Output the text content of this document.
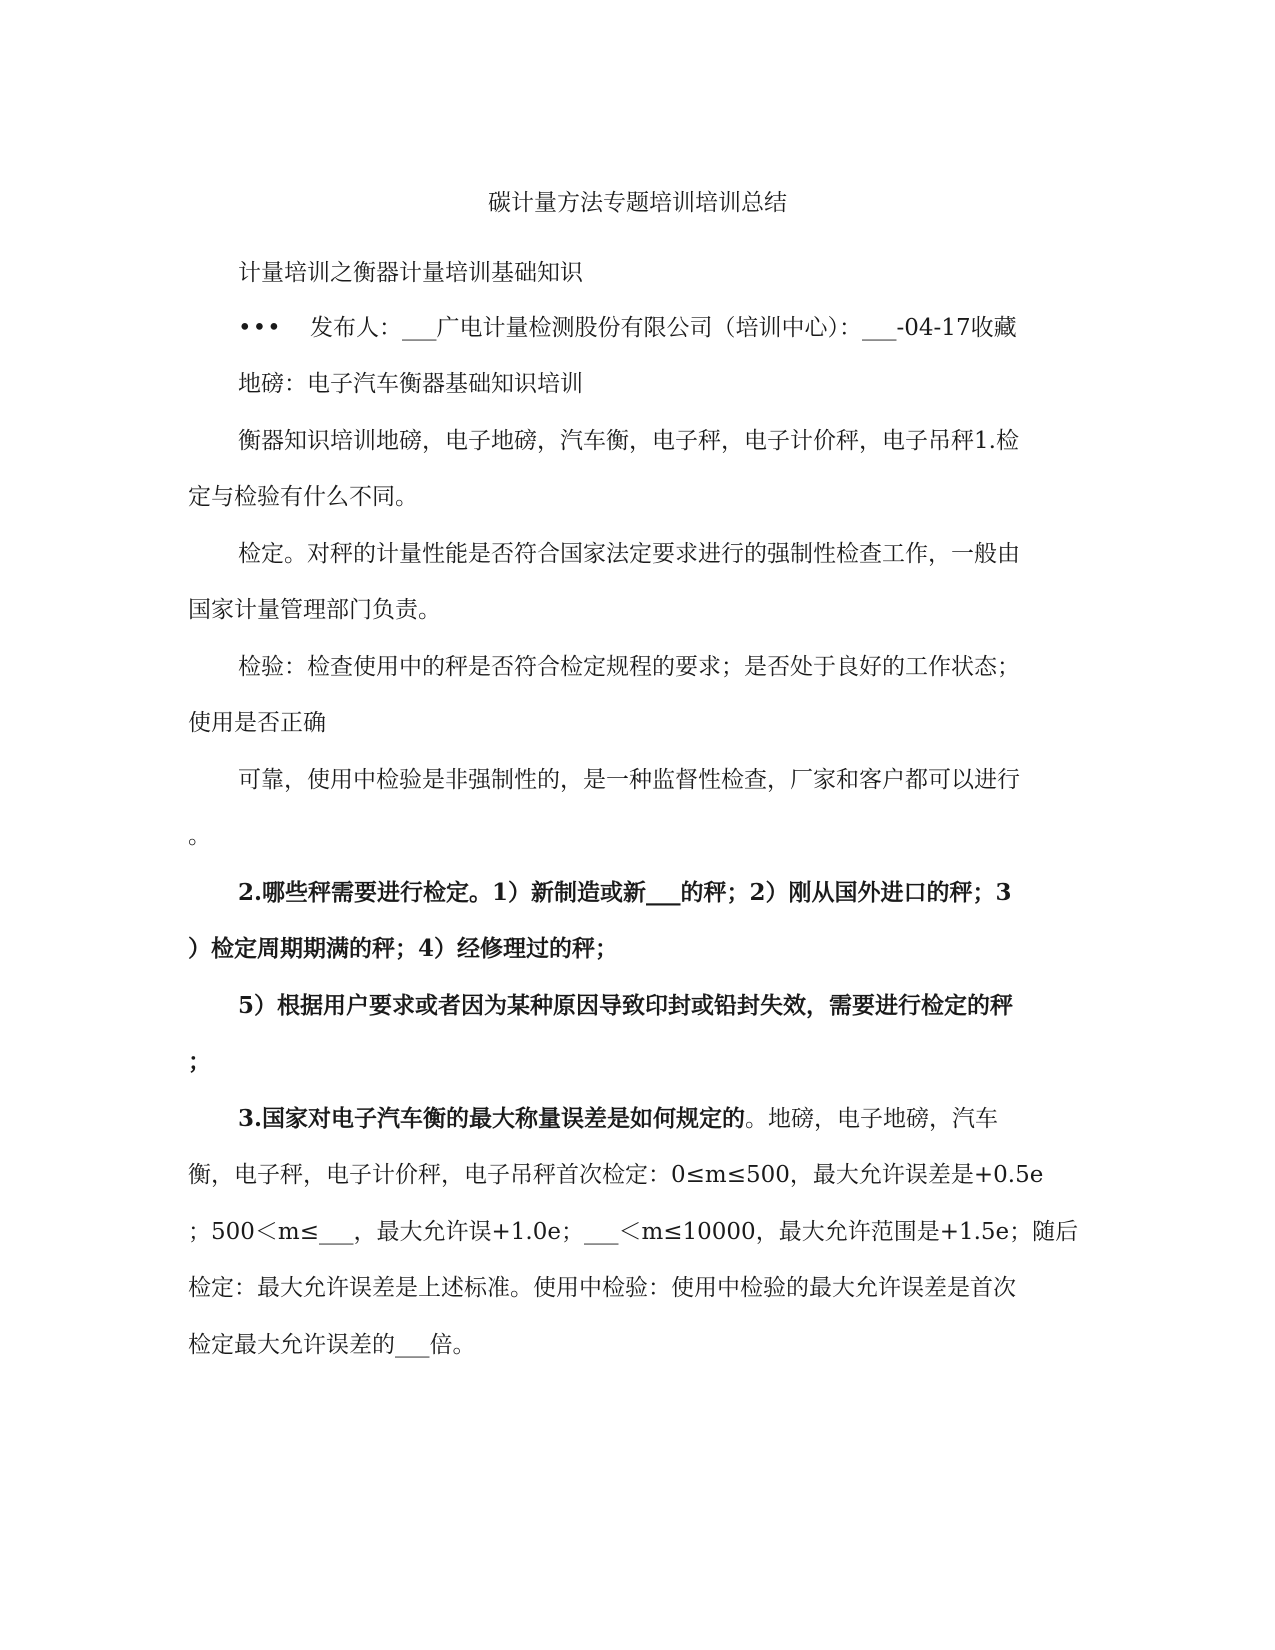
碳计量方法专题培训培训总结
计量培训之衡器计量培训基础知识
••• 发布人：___广电计量检测股份有限公司（培训中心）：___-04-17收藏
地磅：电子汽车衡器基础知识培训
衡器知识培训地磅，电子地磅，汽车衡，电子秤，电子计价秤，电子吊秤1.检
定与检验有什么不同。
检定。对秤的计量性能是否符合国家法定要求进行的强制性检查工作，一般由
国家计量管理部门负责。
检验：检查使用中的秤是否符合检定规程的要求；是否处于良好的工作状态；
使用是否正确
可靠，使用中检验是非强制性的，是一种监督性检查，厂家和客户都可以进行
。
2.哪些秤需要进行检定。1）新制造或新___的秤；2）刚从国外进口的秤；3
）检定周期期满的秤；4）经修理过的秤；
5）根据用户要求或者因为某种原因导致印封或铅封失效，需要进行检定的秤
；
3.国家对电子汽车衡的最大称量误差是如何规定的。地磅，电子地磅，汽车
衡，电子秤，电子计价秤，电子吊秤首次检定：0≤m≤500，最大允许误差是+0.5e
；500＜m≤___，最大允许误+1.0e；___＜m≤10000，最大允许范围是+1.5e；随后
检定：最大允许误差是上述标准。使用中检验：使用中检验的最大允许误差是首次
检定最大允许误差的___倍。
